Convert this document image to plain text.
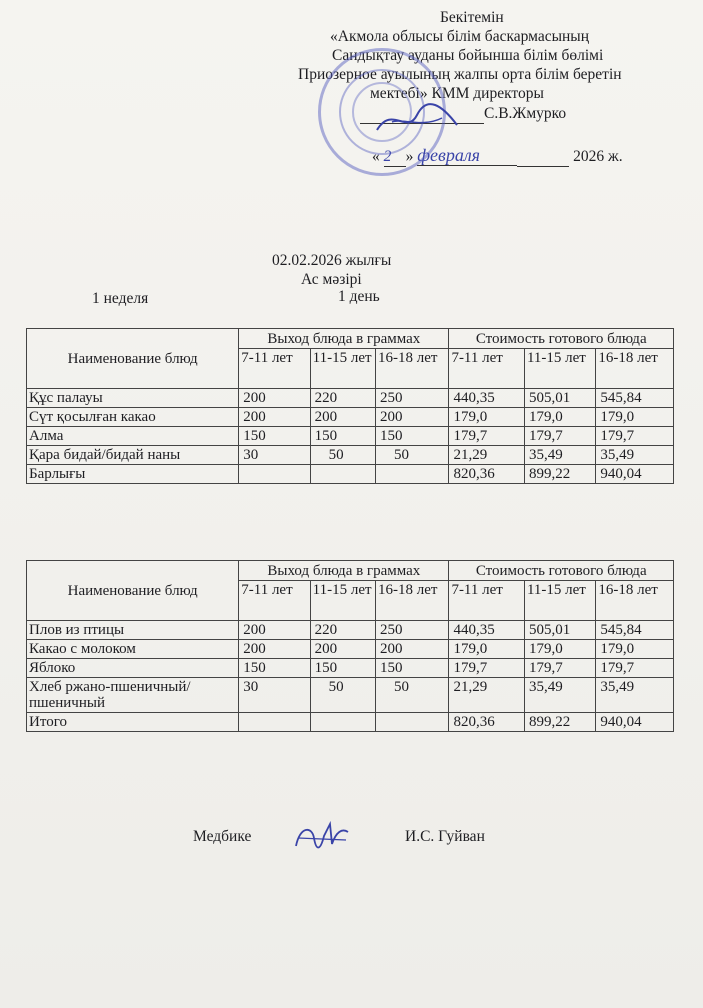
Бекітемін
«Акмола облысы білім баскармасының
Сандықтау ауданы бойынша білім бөлімі
Приозерное ауылының жалпы орта білім беретін
мектебі» КММ директоры
С.В.Жмурко
« 2 » февраля	2026 ж.
02.02.2026 жылғы
Ас мәзірі
1 неделя	1 день
Наименование блюд	Выход блюда в граммах			Стоимость готового блюда		
	7-11 лет	11-15 лет	16-18 лет	7-11 лет	11-15 лет	16-18 лет
Құс палауы	200	220	250	440,35	505,01	545,84
Сүт қосылған какао	200	200	200	179,0	179,0	179,0
Алма	150	150	150	179,7	179,7	179,7
Қара бидай/бидай наны	30	50	50	21,29	35,49	35,49
Барлығы				820,36	899,22	940,04
Наименование блюд	Выход блюда в граммах			Стоимость готового блюда		
	7-11 лет	11-15 лет	16-18 лет	7-11 лет	11-15 лет	16-18 лет
Плов из птицы	200	220	250	440,35	505,01	545,84
Какао с молоком	200	200	200	179,0	179,0	179,0
Яблоко	150	150	150	179,7	179,7	179,7
Хлеб ржано-пшеничный/пшеничный	30	50	50	21,29	35,49	35,49
Итого				820,36	899,22	940,04
Медбике	И.С. Гуйван
